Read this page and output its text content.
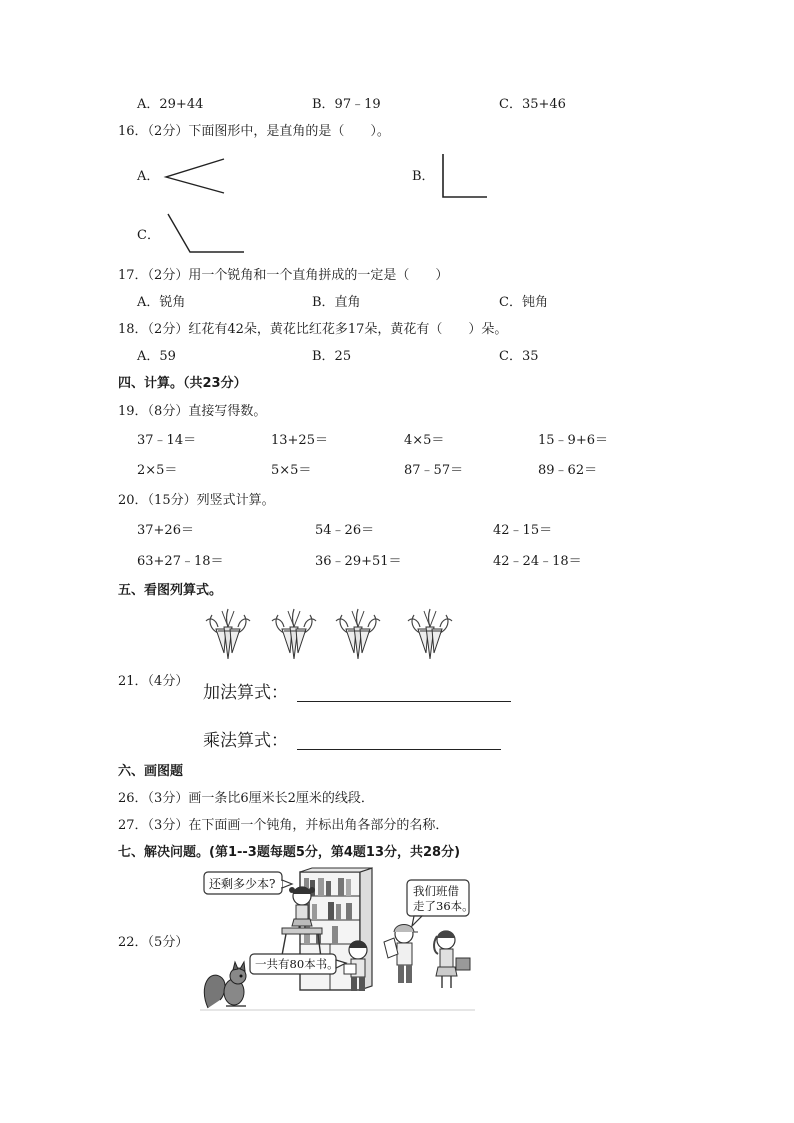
A．29+44	B．97﹣19	C．35+46
16．（2分）下面图形中，是直角的是（　　）。
A．	B．
C．
17．（2分）用一个锐角和一个直角拼成的一定是（　　）
A．锐角	B．直角	C．钝角
18．（2分）红花有42朵，黄花比红花多17朵，黄花有（　　）朵。
A．59	B．25	C．35
四、计算。（共23分）
19．（8分）直接写得数。
37﹣14＝	13+25＝	4×5＝	15﹣9+6＝
2×5＝	5×5＝	87﹣57＝	89﹣62＝
20．（15分）列竖式计算。
37+26＝	54﹣26＝	42﹣15＝
63+27﹣18＝	36﹣29+51＝	42﹣24﹣18＝
五、看图列算式。
21．（4分）
加法算式：
乘法算式：
六、画图题
26．（3分）画一条比6厘米长2厘米的线段．
27．（3分）在下面画一个钝角，并标出角各部分的名称．
七、解决问题。(第1--3题每题5分，第4题13分，共28分)
22．（5分）
还剩多少本?	我们班借
走了36本。
一共有80本书。
